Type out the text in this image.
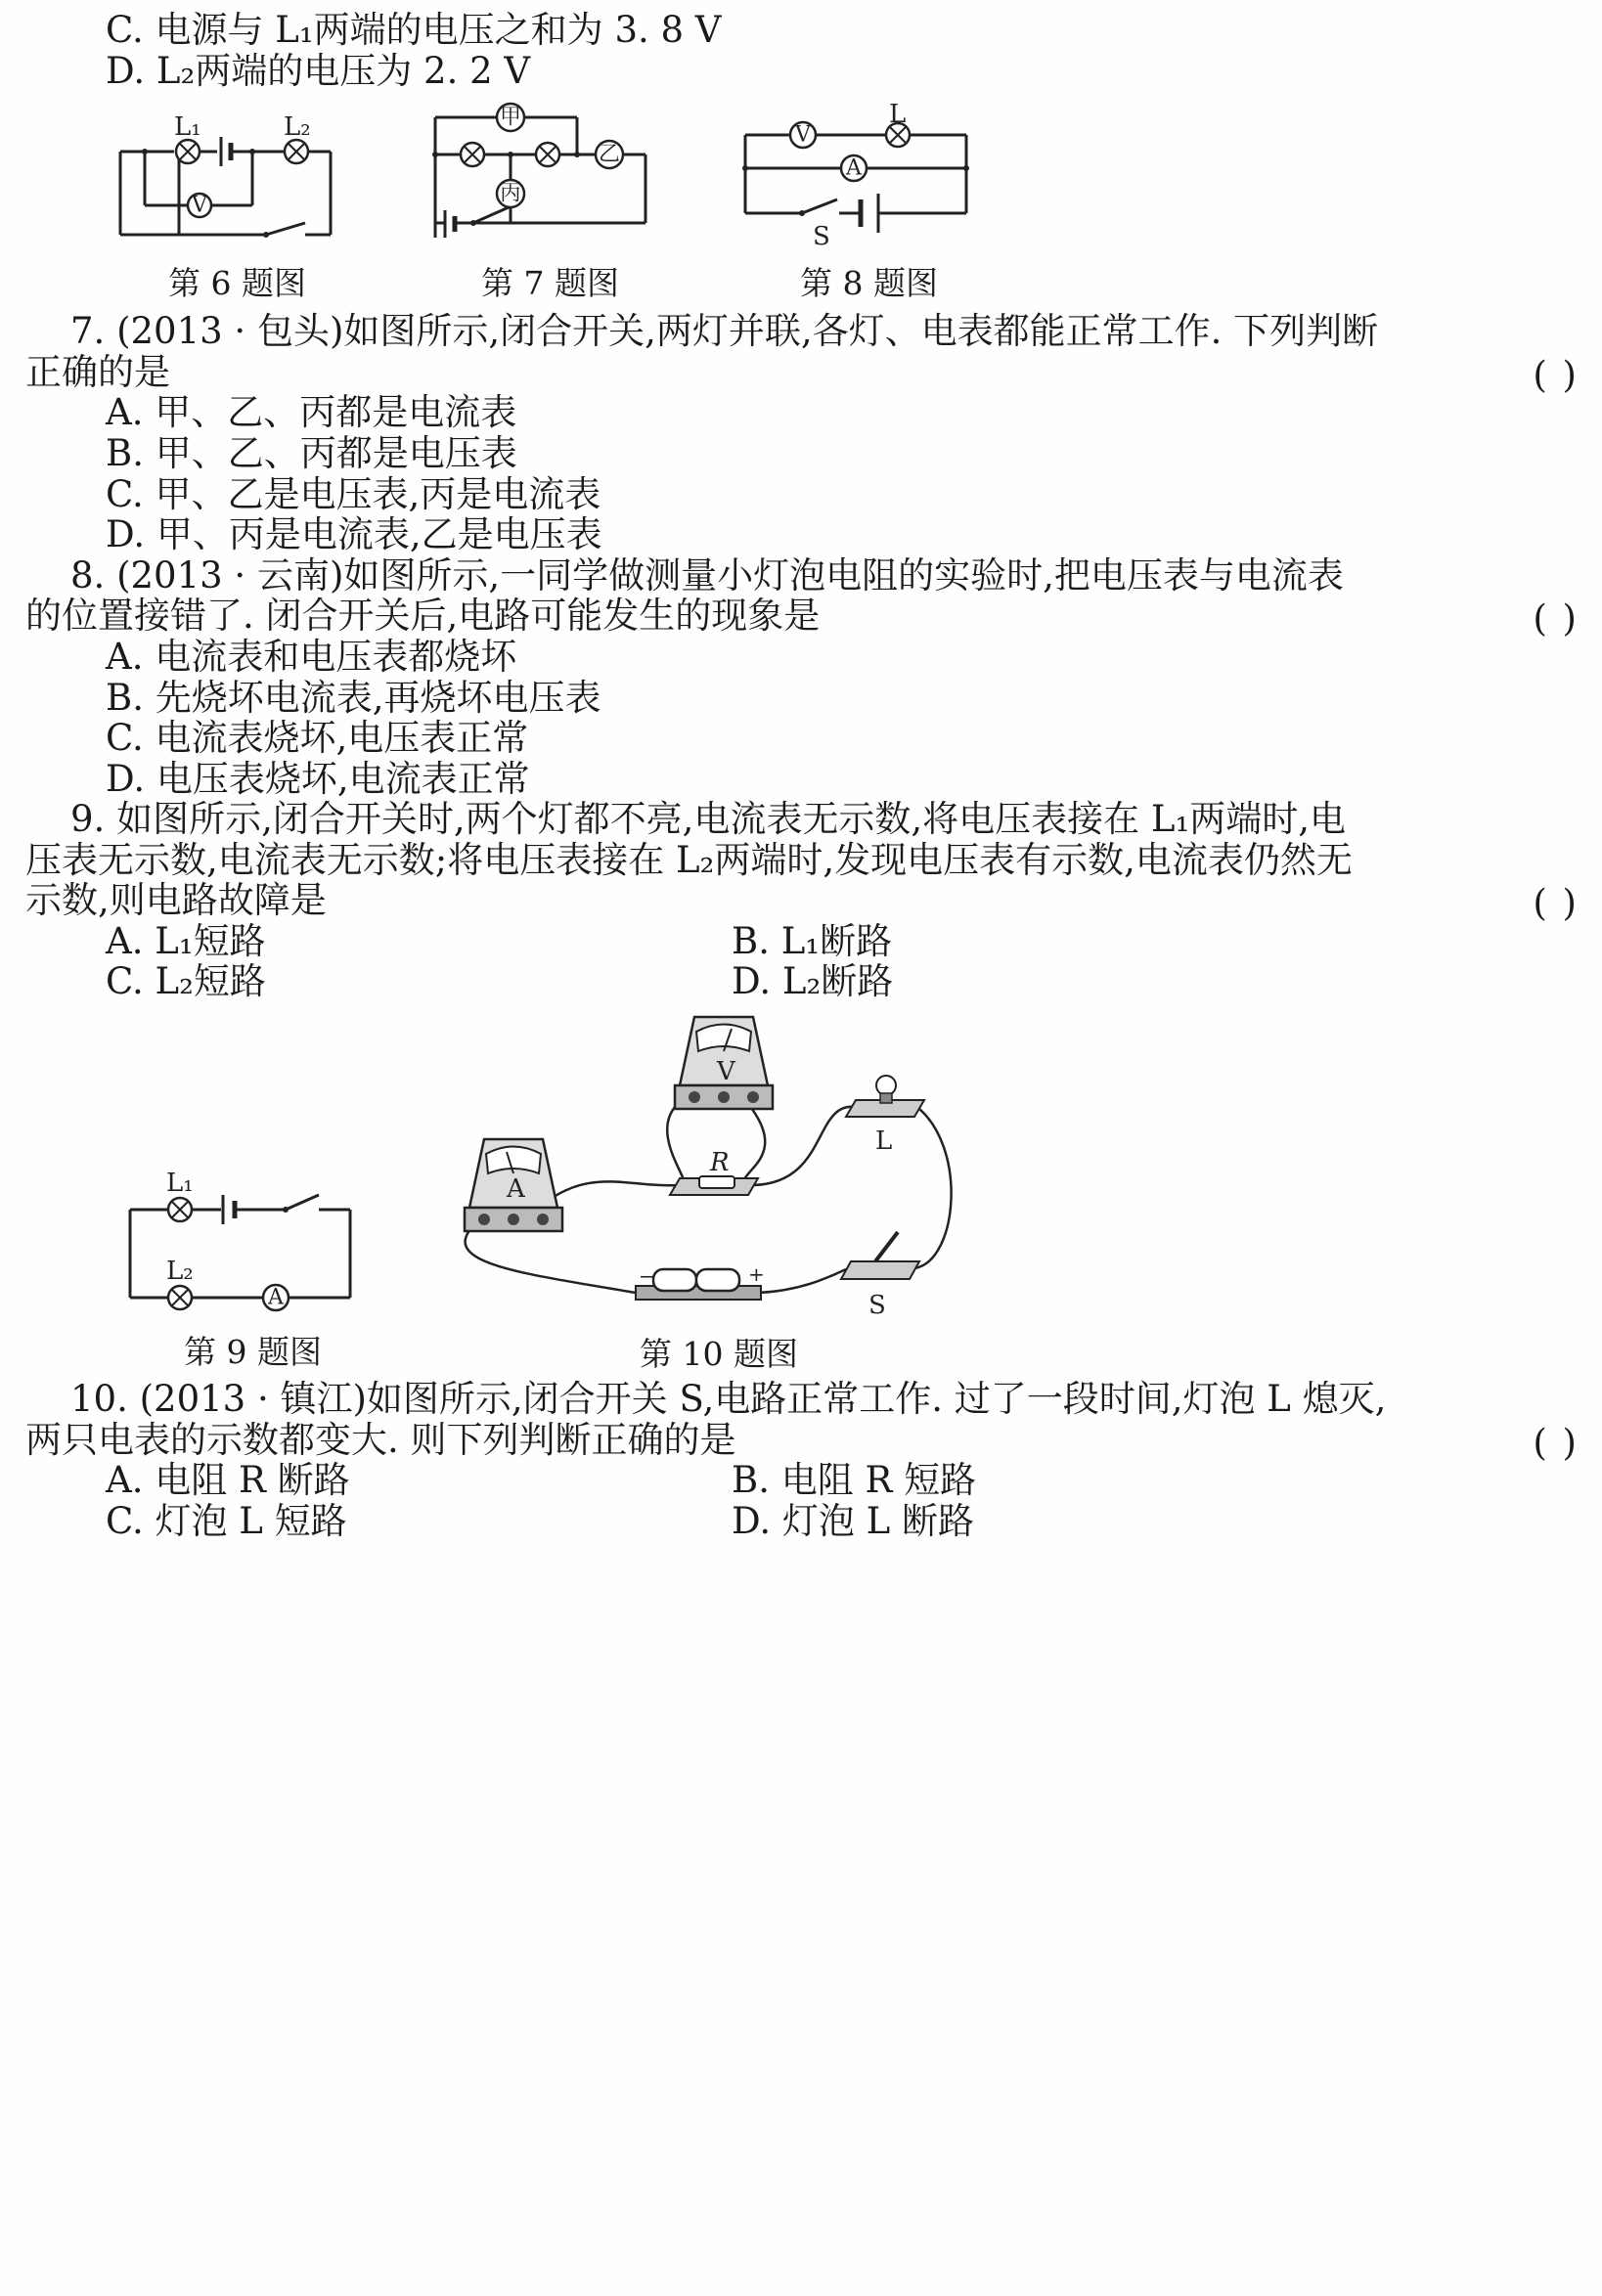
C. 电源与 L₁两端的电压之和为 3. 8 V
D. L₂两端的电压为 2. 2 V
L₁	L₂
V
第 6 题图
甲
乙
丙
第 7 题图
V
L
A
S
第 8 题图
7. (2013 · 包头)如图所示,闭合开关,两灯并联,各灯、电表都能正常工作. 下列判断
正确的是	( )
A. 甲、乙、丙都是电流表
B. 甲、乙、丙都是电压表
C. 甲、乙是电压表,丙是电流表
D. 甲、丙是电流表,乙是电压表
8. (2013 · 云南)如图所示,一同学做测量小灯泡电阻的实验时,把电压表与电流表
的位置接错了. 闭合开关后,电路可能发生的现象是	( )
A. 电流表和电压表都烧坏
B. 先烧坏电流表,再烧坏电压表
C. 电流表烧坏,电压表正常
D. 电压表烧坏,电流表正常
9. 如图所示,闭合开关时,两个灯都不亮,电流表无示数,将电压表接在 L₁两端时,电
压表无示数,电流表无示数;将电压表接在 L₂两端时,发现电压表有示数,电流表仍然无
示数,则电路故障是	( )
A. L₁短路	B. L₁断路
C. L₂短路	D. L₂断路
L₁
L₂
A
第 9 题图
V
A
R
L
−	+
S
第 10 题图
10. (2013 · 镇江)如图所示,闭合开关 S,电路正常工作. 过了一段时间,灯泡 L 熄灭,
两只电表的示数都变大. 则下列判断正确的是	( )
A. 电阻 R 断路	B. 电阻 R 短路
C. 灯泡 L 短路	D. 灯泡 L 断路
